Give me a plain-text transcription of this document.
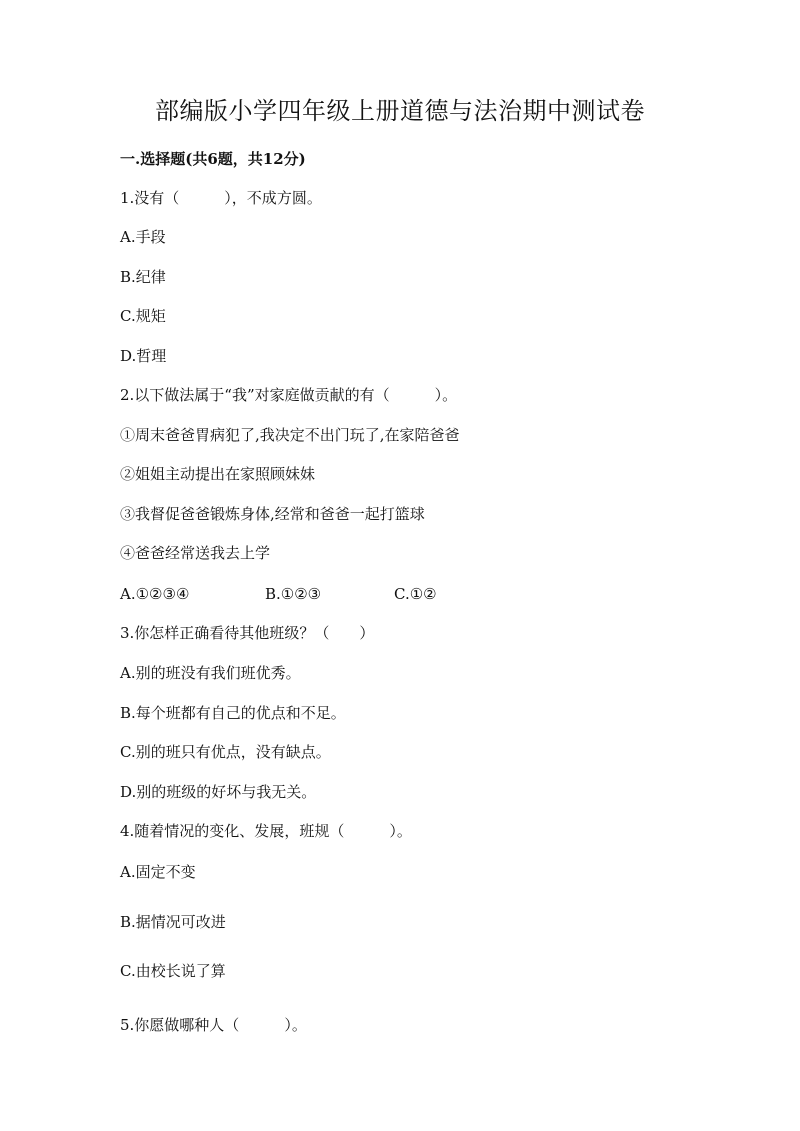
部编版小学四年级上册道德与法治期中测试卷
一.选择题(共6题，共12分)
1.没有（　　　），不成方圆。
A.手段
B.纪律
C.规矩
D.哲理
2.以下做法属于“我”对家庭做贡献的有（　　　）。
①周末爸爸胃病犯了,我决定不出门玩了,在家陪爸爸
②姐姐主动提出在家照顾妹妹
③我督促爸爸锻炼身体,经常和爸爸一起打篮球
④爸爸经常送我去上学
A.①②③④	B.①②③	C.①②
3.你怎样正确看待其他班级？（　　）
A.别的班没有我们班优秀。
B.每个班都有自己的优点和不足。
C.别的班只有优点，没有缺点。
D.别的班级的好坏与我无关。
4.随着情况的变化、发展，班规（　　　）。
A.固定不变
B.据情况可改进
C.由校长说了算
5.你愿做哪种人（　　　）。
